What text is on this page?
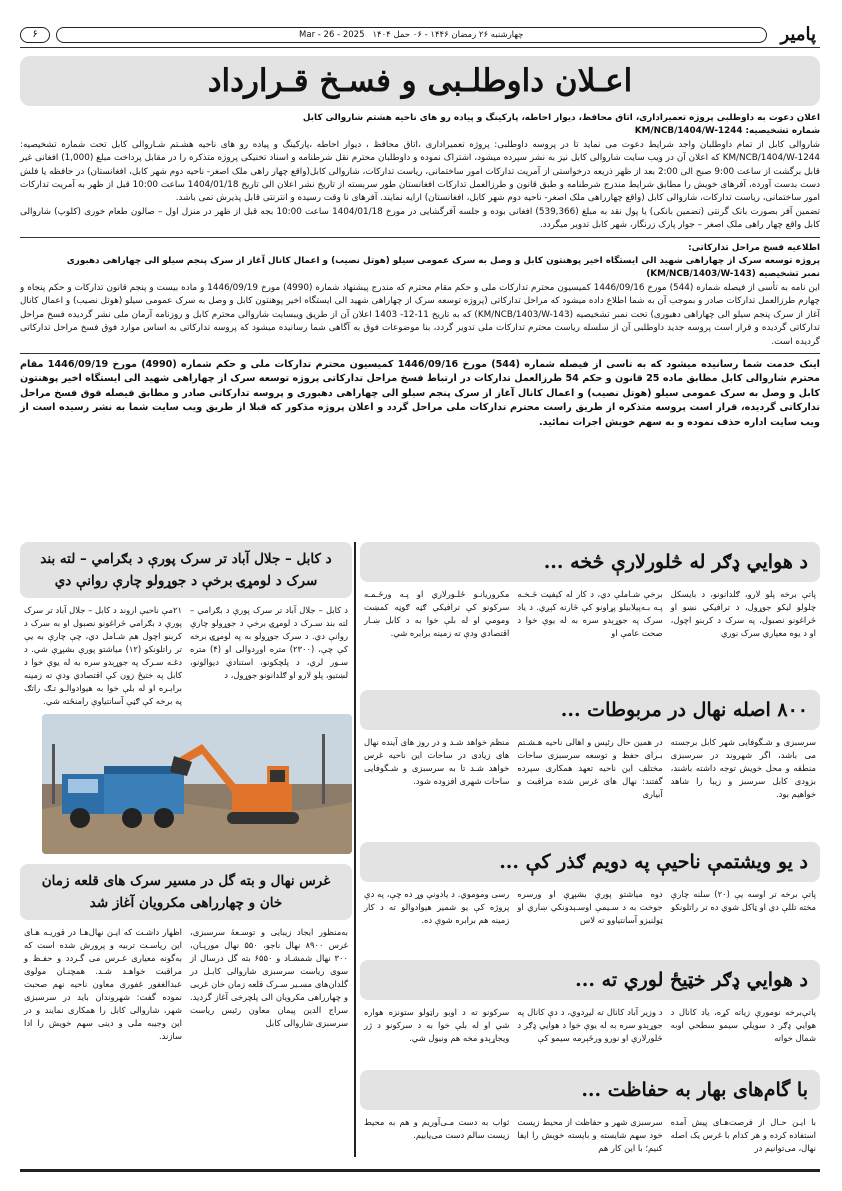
پامیر
چهارشنبه ۲۶ رمضان ۱۴۴۶ - ۰۶ حمل ۱۴۰۴
Mar - 26 - 2025
۶
اعـلان داوطلـبی و فسـخ قـرارداد

اعلان دعوت به داوطلبی پروژه تعمیراداری، اتاق محافظ، دیوار احاطه، پارکینگ و پیاده رو های ناحیه هشتم شاروالی کابل

شماره تشخیصیه: KM/NCB/1404/W-1244

شاروالی کابل از تمام داوطلبان واجد شرایط دعوت می نماید تا در پروسه داوطلبی: پروژه تعمیراداری ،اتاق محافظ ، دیوار احاطه ،پارکینگ و پیاده رو های ناحیه هشـتم شـاروالی کابل تحت شماره تشخیصیه: KM/NCB/1404/W-1244 که اعلان آن در ویب سایت شاروالی کابل نیز به نشر سپرده میشود، اشتراک نموده و داوطلبان محترم نقل شرطنامه و اسناد تخنیکی پروژه متذکره را در مقابل پرداخت مبلغ (1,000) افغانی غیر قابل برگشت از ساعت 9:00 صبح الی 2:00 بعد از ظهر ذریعه درخواستی از آمریت تدارکات امور ساختمانی، ریاست تدارکات، شاروالی کابل(واقع چهار راهی ملک اصغر- ناحیه دوم شهر کابل، افغانستان) در حافظه یا فلش دست بدست آورده، آفرهای خویش را مطابق شرایط مندرج شرطنامه و طبق قانون و طرزالعمل تدارکات افغانستان طور سربسته از تاریخ نشر اعلان الی تاریخ 1404/01/18 ساعت 10:00 قبل از ظهر به آمریت تدارکات امور ساختمانی، ریاست تدارکات، شاروالی کابل (واقع چهارراهی ملک اصغر- ناحیه دوم شهر کابل، افغانستان) ارایه نمایند. آفرهای نا وقت رسیده و انترنتی قابل پذیرش نمی باشد.

تضمین آفر بصورت بانک گرنتی (تضمین بانکی) یا پول نقد به مبلغ (539,366) افغانی بوده و جلسه آفرگشایی در مورخ 1404/01/18 ساعت 10:00 بجه قبل از ظهر در منزل اول – صالون طعام خوری (کلوپ) شاروالی کابل واقع چهار راهی ملک اصغر – جوار پارک زرنگار، شهر کابل تدویر میگردد.

اطلاعیه فسخ مراحل تدارکاتی:

پروژه توسعه سرک از چهاراهی شهید الی ایستگاه اخیر پوهنتون کابل و وصل به سرک عمومی سیلو (هوتل نصیب) و اعمال کانال آغاز از سرک پنجم سیلو الی چهاراهی دهبوری

نمبر تشخیصیه (KM/NCB/1403/W-143)

این نامه به تأسی از فیصله شماره (544) مورخ 1446/09/16 کمیسیون محترم تدارکات ملی و حکم مقام محترم که مندرج پیشنهاد شماره (4990) مورخ 1446/09/19 و ماده بیست و پنجم قانون تدارکات و حکم پنجاه و چهارم طرزالعمل تدارکات صادر و بموجب آن به شما اطلاع داده میشود که مراحل تدارکاتی (پروژه توسعه سرک از چهاراهی شهید الی ایستگاه اخیر پوهنتون کابل و وصل به سرک عمومی سیلو (هوتل نصیب) و اعمال کانال آغاز از سرک پنجم سیلو الی چهاراهی دهبوری) تحت نمبر تشخیصیه (KM/NCB/1403/W-143) که به تاریخ 11-12- 1403 اعلان آن از طریق ویبسایت شاروالی محترم کابل و روزنامه آرمان ملی نشر گردیده فسخ مراحل تدارکاتی گردیده و قرار است پروسه جدید داوطلبی آن از سلسله ریاست محترم تدارکات ملی تدویر گردد، بنا موضوعات فوق به آگاهی شما رسانیده میشود که پروسه تدارکاتی به اساس موارد فوق فسخ مراحل تدارکاتی گردیده است.

اینک خدمت شما رسانیده میشود که به تاسی از فیصله شماره (544) مورخ 1446/09/16 کمیسیون محترم تدارکات ملی و حکم شماره (4990) مورخ 1446/09/19 مقام محترم شاروالی کابل مطابق ماده 25 قانون و حکم 54 طرزالعمل تدارکات در ارتباط فسخ مراحل تدارکاتی پروژه توسعه سرک از چهاراهی شهید الی ایستگاه اخیر پوهنتون کابل و وصل به سرک عمومی سیلو (هوتل نصیب) و اعمال کانال آغاز از سرک پنجم سیلو الی چهاراهی دهبوری و پروسه تدارکاتی صادر و مطابق فیصله فوق فسخ مراحل تدارکاتی گردیده، قرار است پروسه متذکره از طریق راست محترم تدارکات ملی مراحل گردد و اعلان پروژه مذکور که قبلا از طریق ویب سایت شما به نشر رسیده است از ویب سایت اداره حذف نموده و به سهم خویش اجرات نمائید.

د هوایي ډګر له څلورلارې څخه ...
پاتې برخه پلو لارو، ګلدانونو، د بایسکل چلولو لیکو جوړول، د ترافیکي نښو او څراغونو نصبول، په سرک د کربنو اچول، او د یوه معیاري سرک نوري
برخې شـاملې دي، د کار له کیفیت څـخـه پـه بـه‌پیلابیلو پړاونو کې څارنه کېږي. د یاد سرک په جوړېدو سره به له یوې خوا د صحت عامې او
مکروریانـو ځلـورلاري او پـه ورځـمـه سرکونو کې ترافیکي ګڼه ګوڼه کمښت ومومي او له بلې خوا به د کابل ښـار اقتصادي ودې ته زمینه برابره شي.
۸۰۰ اصله نهال در مربوطات ...
سرسبزی و شـگوفایی شهر کابل برجسته می باشد، اگر شهروند در سرسبزی منطقه و محل خویش توجه داشته باشند، بزودی کابل سرسبز و زیبا را شاهد خواهیم بود.
در همین حال رئیس و اهالی ناحیه هـشـتم بـرای حفظ و توسعه سرسبزی ساحات مختلف این ناحیه تعهد همکاری سپرده گفتند: نهال های غرس شده مراقبت و آبیاری
منظم خواهد شـد و در روز های آینده نهال های زیادی در ساحات این ناحیه غرس خواهد شـد تا به سرسبزی و شـگوفایی ساحات شهری افزوده شود.
د یو ویشتمې ناحیې په دویم ګذر کې ...
پاتې برخه تر اوسه یې (۲۰) سلنه چارې مخته تللې دي او ټاکل شوي ده تر راتلونکو
دوه میاشتو پورې بشپړې او ورسره جوخت به د سـیمې اوسـېدونکي ښاري او ټولنیزو آسانتیاوو ته لاس
رسی وموموي. د یادونې وړ ده چې، په دې پروژه کې یو شمیر هیوادوالو ته د کار زمینه هم برابره شوې ده.
د هوایي ډګر خټیځ لوري ته ...
پاتې‌برخه نومورې زیاته کړه، یاد کانال د هوایي ډګر د سویلي سیمو سطحي اوبه شمال خواته
د وزیر آباد کانال ته لیږدوي، د دې کانال په جوړېدو سره به له یوې خوا د هوایي ډګر د څلورلارې او نورو ورځېرمه سیمو کې
سرکونو ته د اوبو راټولو ستونزه هواره شي او له بلې خوا به د سرکونو د ژر ویجاړېدو مخه هم ونیول شي.
با گام‌های بهار به حفاظت ...
با ایـن حـال از فرصت‌هـای پیش آمده استفاده کرده و هر کدام با غرس یک اصله نهال، می‌توانیم در
سرسبزی شهر و حفاظت از محیط زیست خود سهم شایسته و بایسته خویش را ایفا کنیم؛ با این کار هم
ثواب به دست مـی‌آوریم و هم به محیط زیست سالم دست می‌یابیم.
د کابل – جلال آباد تر سرک پورې د بګرامي – لته بند سرک د لومړۍ برخې د جوړولو چارې روانې دي
د کابل – جلال آباد تر سرک پورې د بګرامي – لته بند سـرک د لومړۍ برخې د جوړولو چارې روانې دي. د سرک جوړولو به په لومړۍ برخه کې چې، (۲۳۰۰) متره اوږدوالی او (۴) متره سـور لري، د پلچکونو، استنادي دیوالونو، لښتیو، پلو لارو او ګلدانونو جوړول، د
۲۱مې ناحیې اروند د کابل – جلال آباد تر سرک پورې د بګرامي څراغونو نصبول او به سرک د کربنو اچول هم شـامل دي، چې چارې به یې تر راتلونکو (۱۲) میاشتو پورې بشپړې شي. د دغـه سـرک په جوړېدو سره به له یوې خوا د کابل په ختیځ زون کې اقتصادي ودې ته زمینه برابـره او له بلې خوا به هیوادوالـو تـګ راتګ په برخه کې ګڼې آسانتیاوې رامنځته شي.
غرس نهال و بته گل در مسیر سرک های قلعه زمان خان و چهارراهی مکرویان آغاز شد
به‌منظور ایجاد زیبایی و توسـعهٔ سرسبزی، غرس ۸۹۰۰ نهال ناجو، ۵۵۰ نهال مورپـان، ۳۰۰ نهال شمشـاد و ۶۵۵۰ بته گل درسال از سوی ریاست سرسبزی شاروالی کابـل در گلدان‌های مسـیر سـرک قلعه زمان خان غربی و چهارراهی مکرویان الی پلچرخی آغاز گردید. سراج الدین پیمان معاون رئیس ریاست سرسبزی شاروالی کابل
اظهار داشـت که ایـن نهال‌هـا در قوریـه هـای این ریاسـت تربیه و پرورش شده است که به‌گونه معیاری غـرس می گـردد و حفـظ و مراقبت خواهـد شـد. همچنـان مولوی عبدالغفور غفوری معاون ناحیه نهم صحبت نموده گفت: شهروندان باید در سرسبزی شهر، شاروالی کابل را همکاری نمایند و در این وجیبه ملی و دینی سهم خویش را ادا سازند.
